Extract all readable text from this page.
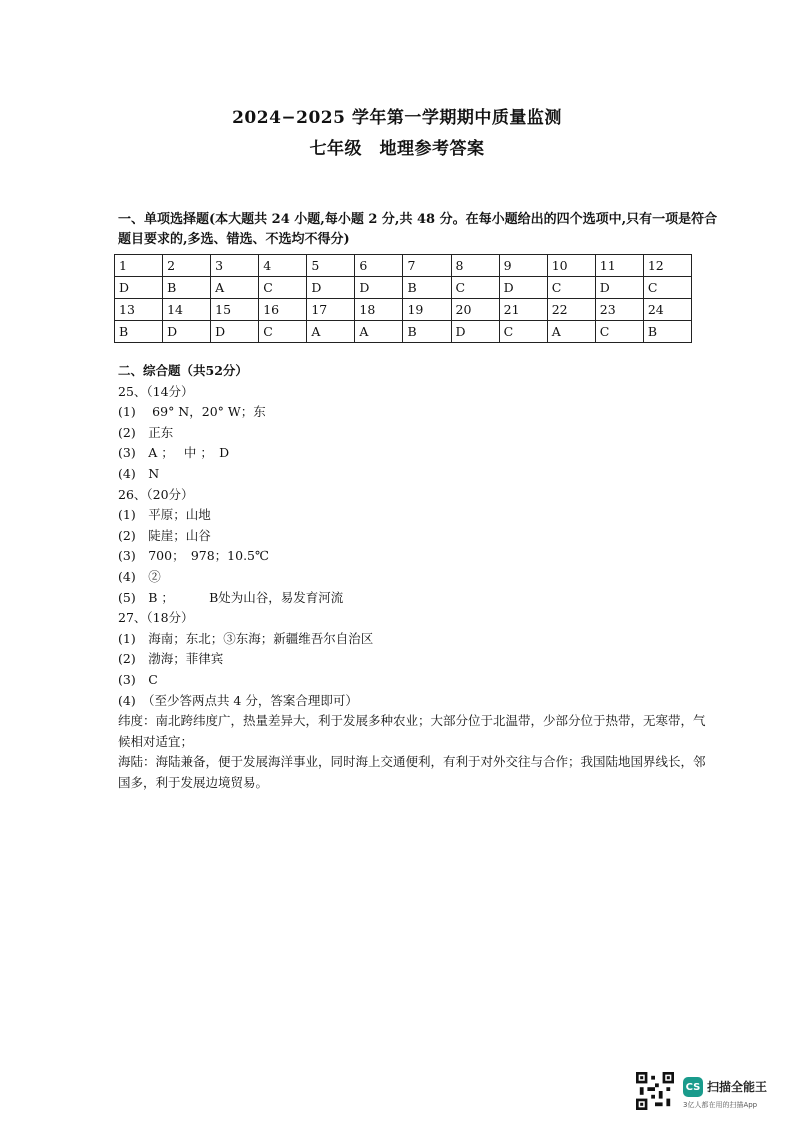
2024−2025 学年第一学期期中质量监测
七年级　地理参考答案
一、单项选择题(本大题共 24 小题,每小题 2 分,共 48 分。在每小题给出的四个选项中,只有一项是符合题目要求的,多选、错选、不选均不得分)
1	2	3	4	5	6	7	8	9	10	11	12
D	B	A	C	D	D	B	C	D	C	D	C
13	14	15	16	17	18	19	20	21	22	23	24
B	D	D	C	A	A	B	D	C	A	C	B
二、综合题（共52分）
25、（14分）
(1)　 69° N，20° W；东
(2)　正东
(3)　A ；　 中 ；　D
(4)　N
26、（20分）
(1)　平原；山地
(2)　陡崖；山谷
(3)　700；　978；10.5℃
(4)　②
(5)　B ；　　　 B处为山谷，易发育河流
27、（18分）
(1)　海南；东北；③东海；新疆维吾尔自治区
(2)　渤海；菲律宾
(3)　C
(4)　（至少答两点共 4 分，答案合理即可）
纬度：南北跨纬度广，热量差异大，利于发展多种农业；大部分位于北温带，少部分位于热带，无寒带，气候相对适宜；
海陆：海陆兼备，便于发展海洋事业，同时海上交通便利，有利于对外交往与合作；我国陆地国界线长，邻国多，利于发展边境贸易。
CS 扫描全能王
3亿人都在用的扫描App
